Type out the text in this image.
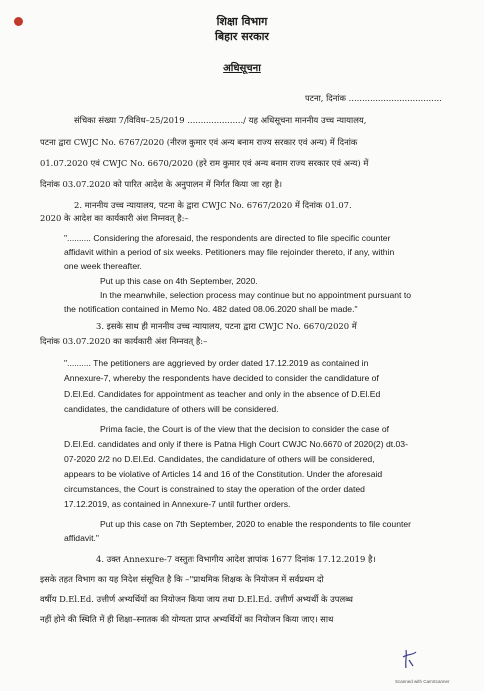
शिक्षा विभाग
बिहार सरकार
अधिसूचना
पटना, दिनांक ...................................
संचिका संख्या 7/विविध–25/2019 ...................../ यह अधिसूचना माननीय उच्च न्यायालय,
पटना द्वारा CWJC No. 6767/2020 (नीरज कुमार एवं अन्य बनाम राज्य सरकार एवं अन्य) में दिनांक
01.07.2020 एवं CWJC No. 6670/2020 (हरे राम कुमार एवं अन्य बनाम राज्य सरकार एवं अन्य) में
दिनांक 03.07.2020 को पारित आदेश के अनुपालन में निर्गत किया जा रहा है।
2. माननीय उच्च न्यायालय, पटना के द्वारा CWJC No. 6767/2020 में दिनांक 01.07.
2020 के आदेश का कार्यकारी अंश निम्नवत् है:–
".......... Considering the aforesaid, the respondents are directed to file specific counter
affidavit within a period of six weeks. Petitioners may file rejoinder thereto, if any, within
one week thereafter.
Put up this case on 4th September, 2020.
In the meanwhile, selection process may continue but no appointment pursuant to
the notification contained in Memo No. 482 dated 08.06.2020 shall be made."
3. इसके साथ ही माननीय उच्च न्यायालय, पटना द्वारा CWJC No. 6670/2020 में
दिनांक 03.07.2020 का कार्यकारी अंश निम्नवत् है:–
".......... The petitioners are aggrieved by order dated 17.12.2019 as contained in
Annexure-7, whereby the respondents have decided to consider the candidature of
D.El.Ed. Candidates for appointment as teacher and only in the absence of D.El.Ed
candidates, the candidature of others will be considered.
Prima facie, the Court is of the view that the decision to consider the case of
D.El.Ed. candidates and only if there is Patna High Court CWJC No.6670 of 2020(2) dt.03-
07-2020 2/2 no D.El.Ed. Candidates, the candidature of others will be considered,
appears to be violative of Articles 14 and 16 of the Constitution. Under the aforesaid
circumstances, the Court is constrained to stay the operation of the order dated
17.12.2019, as contained in Annexure-7 until further orders.
Put up this case on 7th September, 2020 to enable the respondents to file counter
affidavit."
4. उक्त Annexure-7 वस्तुतः विभागीय आदेश ज्ञापांक 1677 दिनांक 17.12.2019 है।
इसके तहत विभाग का यह निदेश संसूचित है कि –"प्राथमिक शिक्षक के नियोजन में सर्वप्रथम दो
वर्षीय D.El.Ed. उत्तीर्ण अभ्यर्थियों का नियोजन किया जाय तथा D.El.Ed. उत्तीर्ण अभ्यर्थी के उपलब्ध
नहीं होने की स्थिति में ही शिक्षा–स्नातक की योग्यता प्राप्त अभ्यर्थियों का नियोजन किया जाए। साथ
Scanned with CamScanner
